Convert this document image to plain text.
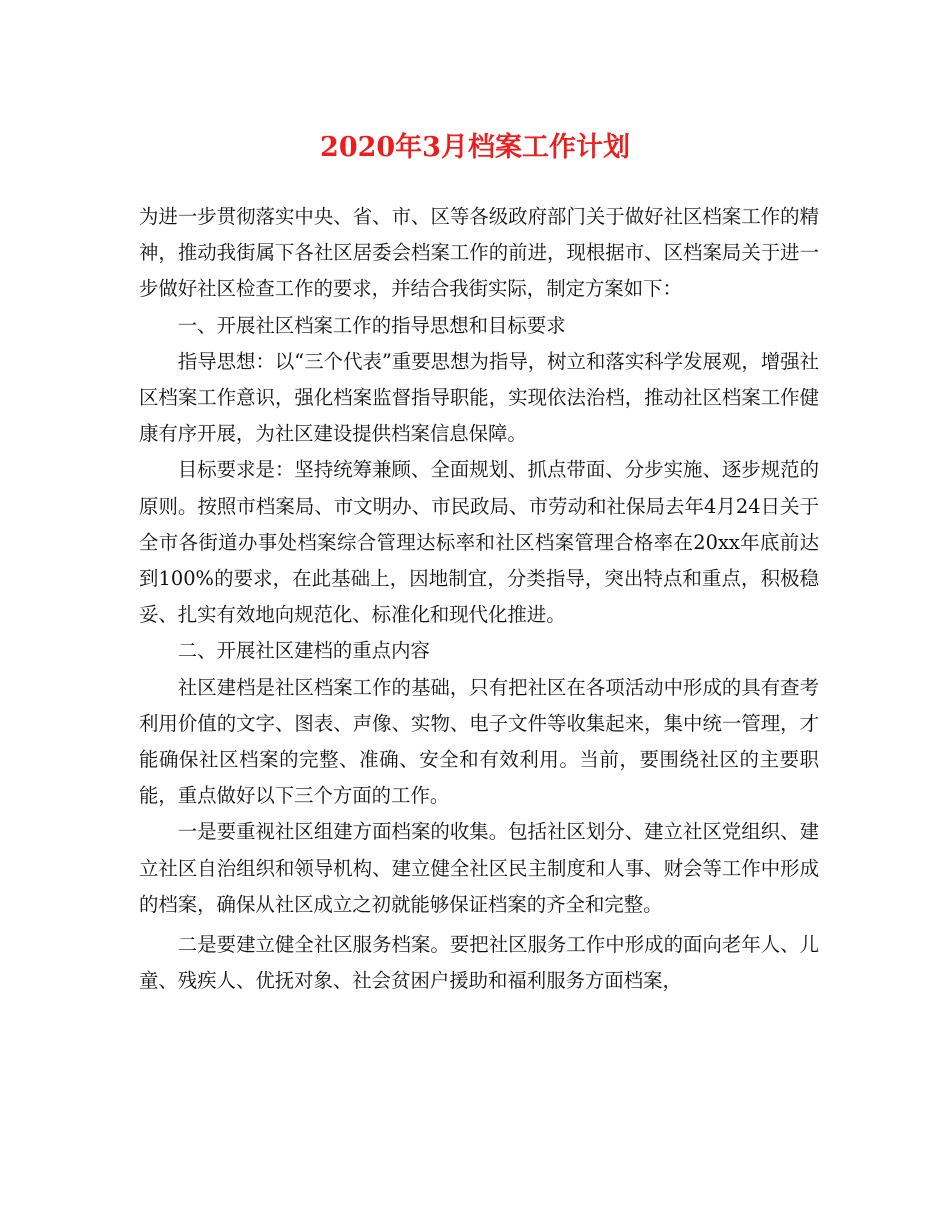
2020年3月档案工作计划

为进一步贯彻落实中央、省、市、区等各级政府部门关于做好社区档案工作的精神，推动我街属下各社区居委会档案工作的前进，现根据市、区档案局关于进一步做好社区检查工作的要求，并结合我街实际，制定方案如下：

一、开展社区档案工作的指导思想和目标要求

指导思想：以“三个代表”重要思想为指导，树立和落实科学发展观，增强社区档案工作意识，强化档案监督指导职能，实现依法治档，推动社区档案工作健康有序开展，为社区建设提供档案信息保障。

目标要求是：坚持统筹兼顾、全面规划、抓点带面、分步实施、逐步规范的原则。按照市档案局、市文明办、市民政局、市劳动和社保局去年4月24日关于全市各街道办事处档案综合管理达标率和社区档案管理合格率在20xx年底前达到100%的要求，在此基础上，因地制宜，分类指导，突出特点和重点，积极稳妥、扎实有效地向规范化、标准化和现代化推进。

二、开展社区建档的重点内容

社区建档是社区档案工作的基础，只有把社区在各项活动中形成的具有查考利用价值的文字、图表、声像、实物、电子文件等收集起来，集中统一管理，才能确保社区档案的完整、准确、安全和有效利用。当前，要围绕社区的主要职能，重点做好以下三个方面的工作。

一是要重视社区组建方面档案的收集。包括社区划分、建立社区党组织、建立社区自治组织和领导机构、建立健全社区民主制度和人事、财会等工作中形成的档案，确保从社区成立之初就能够保证档案的齐全和完整。

二是要建立健全社区服务档案。要把社区服务工作中形成的面向老年人、儿童、残疾人、优抚对象、社会贫困户援助和福利服务方面档案，
